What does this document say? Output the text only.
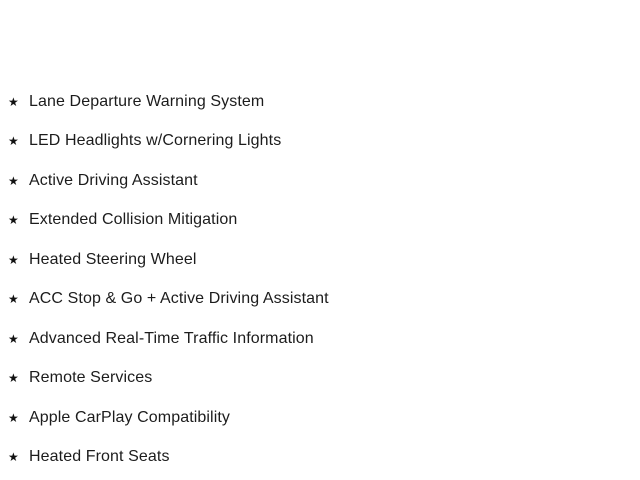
★ Lane Departure Warning System
★ LED Headlights w/Cornering Lights
★ Active Driving Assistant
★ Extended Collision Mitigation
★ Heated Steering Wheel
★ ACC Stop & Go + Active Driving Assistant
★ Advanced Real-Time Traffic Information
★ Remote Services
★ Apple CarPlay Compatibility
★ Heated Front Seats
